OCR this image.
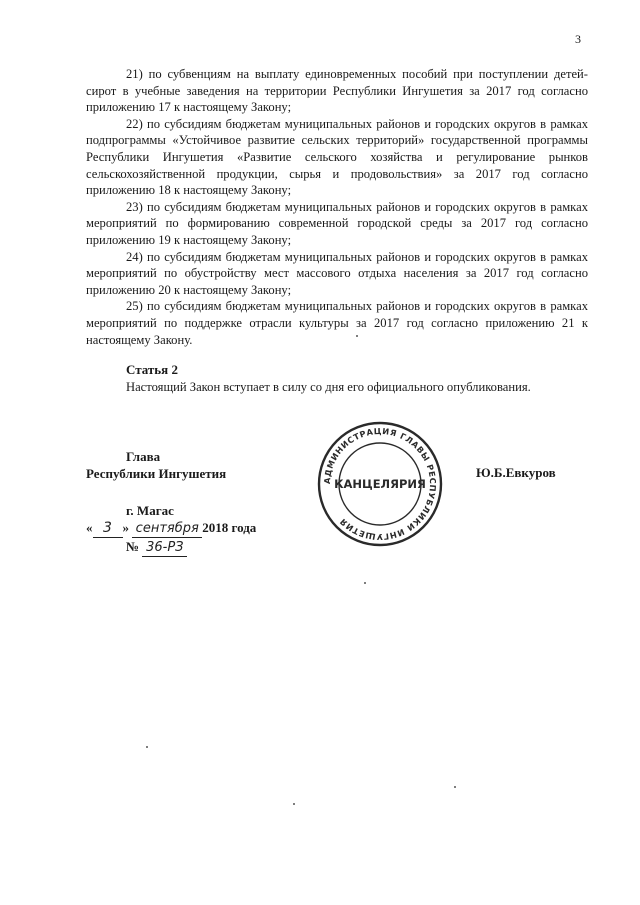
3

21) по субвенциям на выплату единовременных пособий при поступлении детей-сирот в учебные заведения на территории Республики Ингушетия за 2017 год согласно приложению 17 к настоящему Закону;

22) по субсидиям бюджетам муниципальных районов и городских округов в рамках подпрограммы «Устойчивое развитие сельских территорий» государственной программы Республики Ингушетия «Развитие сельского хозяйства и регулирование рынков сельскохозяйственной продукции, сырья и продовольствия» за 2017 год согласно приложению 18 к настоящему Закону;

23) по субсидиям бюджетам муниципальных районов и городских округов в рамках мероприятий по формированию современной городской среды за 2017 год согласно приложению 19 к настоящему Закону;

24) по субсидиям бюджетам муниципальных районов и городских округов в рамках мероприятий по обустройству мест массового отдыха населения за 2017 год согласно приложению 20 к настоящему Закону;

25) по субсидиям бюджетам муниципальных районов и городских округов в рамках мероприятий по поддержке отрасли культуры за 2017 год согласно приложению 21 к настоящему Закону.

Статья 2
Настоящий Закон вступает в силу со дня его официального опубликования.
Глава
Республики Ингушетия	Ю.Б.Евкуров
г. Магас
« 3 » сентября 2018 года
№ 36-РЗ
АДМИНИСТРАЦИЯ ГЛАВЫ РЕСПУБЛИКИ ИНГУШЕТИЯ
КАНЦЕЛЯРИЯ
